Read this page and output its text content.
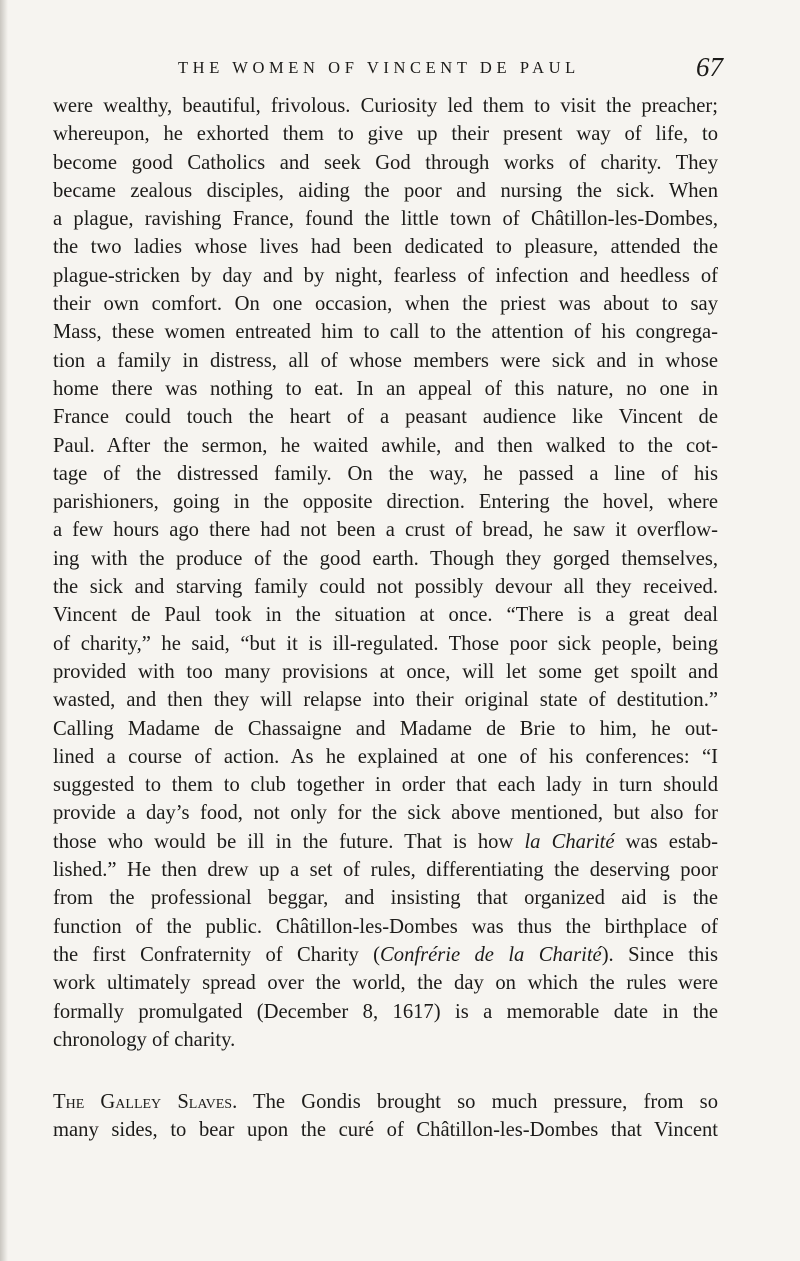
THE WOMEN OF VINCENT DE PAUL	67
were wealthy, beautiful, frivolous. Curiosity led them to visit the preacher;
whereupon, he exhorted them to give up their present way of life, to
become good Catholics and seek God through works of charity. They
became zealous disciples, aiding the poor and nursing the sick. When
a plague, ravishing France, found the little town of Châtillon-les-Dombes,
the two ladies whose lives had been dedicated to pleasure, attended the
plague-stricken by day and by night, fearless of infection and heedless of
their own comfort. On one occasion, when the priest was about to say
Mass, these women entreated him to call to the attention of his congrega-
tion a family in distress, all of whose members were sick and in whose
home there was nothing to eat. In an appeal of this nature, no one in
France could touch the heart of a peasant audience like Vincent de
Paul. After the sermon, he waited awhile, and then walked to the cot-
tage of the distressed family. On the way, he passed a line of his
parishioners, going in the opposite direction. Entering the hovel, where
a few hours ago there had not been a crust of bread, he saw it overflow-
ing with the produce of the good earth. Though they gorged themselves,
the sick and starving family could not possibly devour all they received.
Vincent de Paul took in the situation at once. “There is a great deal
of charity,” he said, “but it is ill-regulated. Those poor sick people, being
provided with too many provisions at once, will let some get spoilt and
wasted, and then they will relapse into their original state of destitution.”
Calling Madame de Chassaigne and Madame de Brie to him, he out-
lined a course of action. As he explained at one of his conferences: “I
suggested to them to club together in order that each lady in turn should
provide a day’s food, not only for the sick above mentioned, but also for
those who would be ill in the future. That is how la Charité was estab-
lished.” He then drew up a set of rules, differentiating the deserving poor
from the professional beggar, and insisting that organized aid is the
function of the public. Châtillon-les-Dombes was thus the birthplace of
the first Confraternity of Charity (Confrérie de la Charité). Since this
work ultimately spread over the world, the day on which the rules were
formally promulgated (December 8, 1617) is a memorable date in the
chronology of charity.
The Galley Slaves. The Gondis brought so much pressure, from so
many sides, to bear upon the curé of Châtillon-les-Dombes that Vincent
